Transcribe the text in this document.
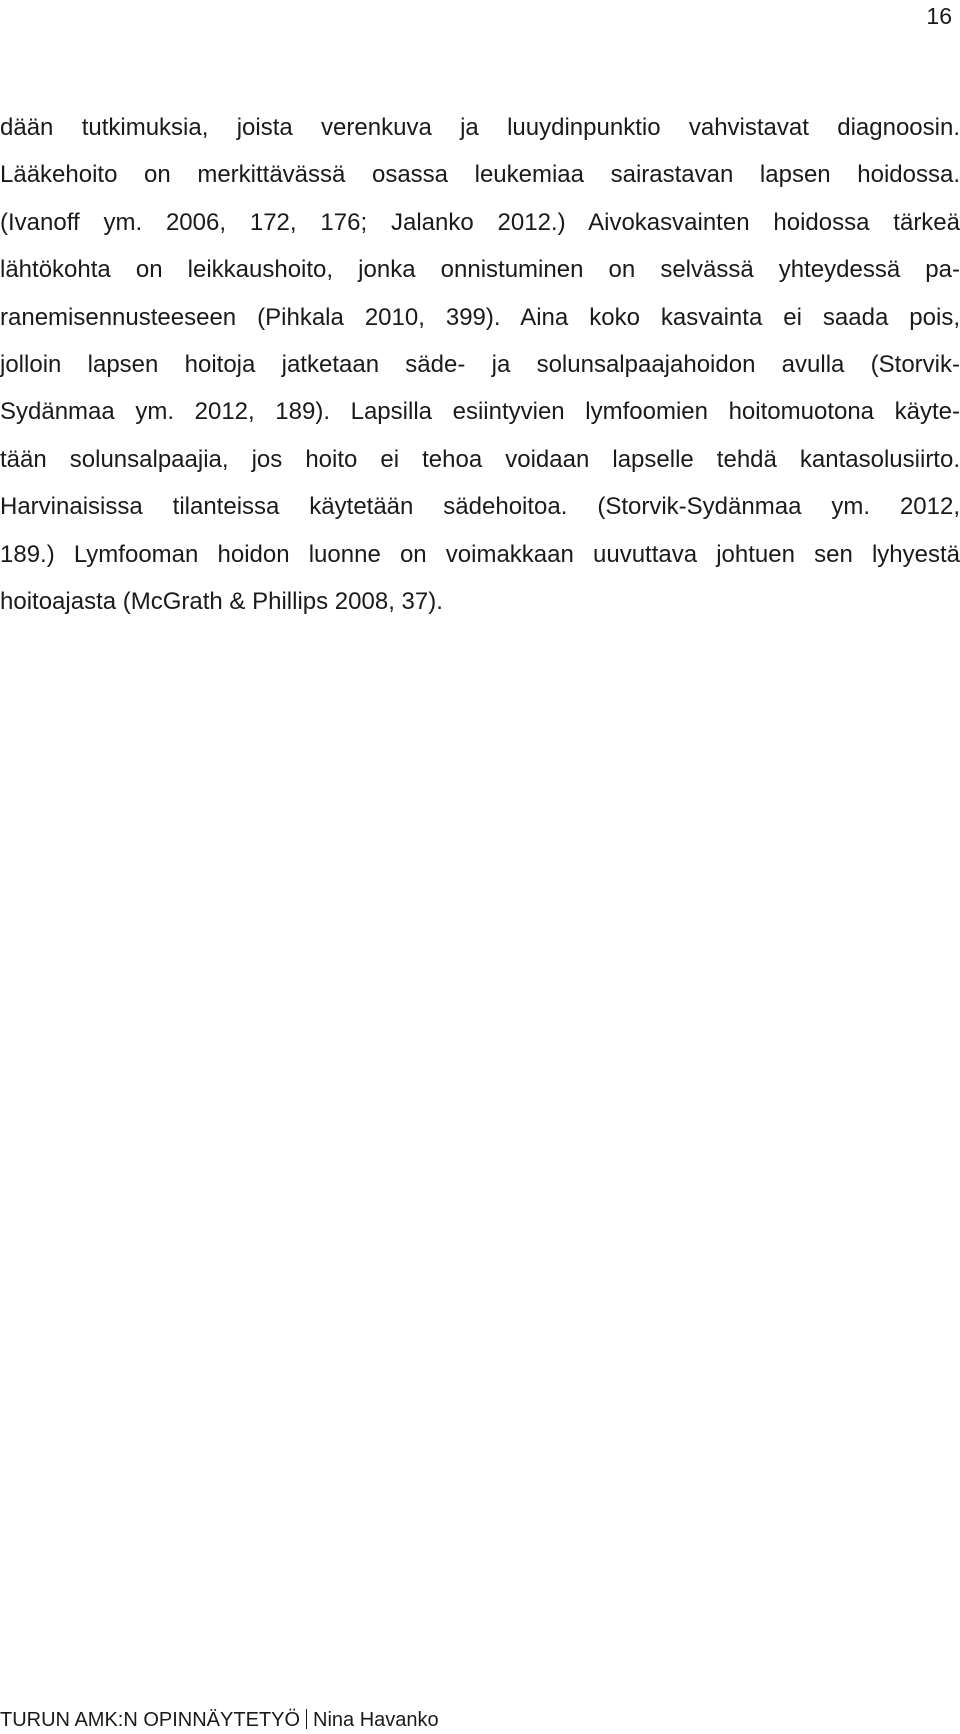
16
dään tutkimuksia, joista verenkuva ja luuydinpunktio vahvistavat diagnoosin.
Lääkehoito on merkittävässä osassa leukemiaa sairastavan lapsen hoidossa.
(Ivanoff ym. 2006, 172, 176; Jalanko 2012.) Aivokasvainten hoidossa tärkeä
lähtökohta on leikkaushoito, jonka onnistuminen on selvässä yhteydessä pa-
ranemisennusteeseen (Pihkala 2010, 399). Aina koko kasvainta ei saada pois,
jolloin lapsen hoitoja jatketaan säde- ja solunsalpaajahoidon avulla (Storvik-
Sydänmaa ym. 2012, 189). Lapsilla esiintyvien lymfoomien hoitomuotona käyte-
tään solunsalpaajia, jos hoito ei tehoa voidaan lapselle tehdä kantasolusiirto.
Harvinaisissa tilanteissa käytetään sädehoitoa. (Storvik-Sydänmaa ym. 2012,
189.) Lymfooman hoidon luonne on voimakkaan uuvuttava johtuen sen lyhyestä
hoitoajasta (McGrath & Phillips 2008, 37).
TURUN AMK:N OPINNÄYTETYÖ Nina Havanko
